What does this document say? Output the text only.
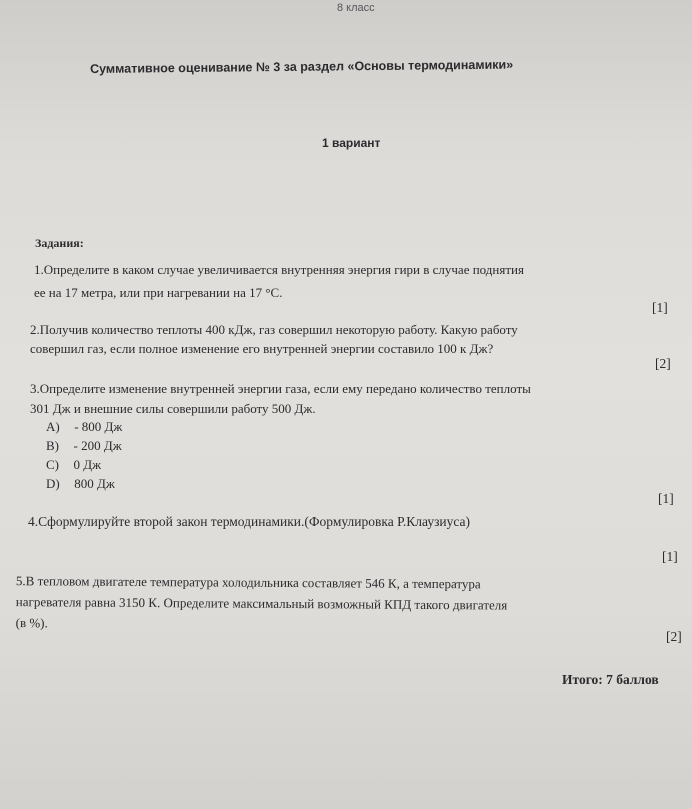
8 класс
Суммативное оценивание № 3 за раздел «Основы термодинамики»
1 вариант
Задания:
1.Определите в каком случае увеличивается внутренняя энергия гири в случае поднятия
ее на 17 метра, или при нагревании на 17 °С.
[1]
2.Получив количество теплоты 400 кДж, газ совершил некоторую работу. Какую работу
совершил газ, если полное изменение его внутренней энергии составило 100 к Дж?
[2]
3.Определите изменение внутренней энергии газа, если ему передано количество теплоты
301 Дж и внешние силы совершили работу 500 Дж.
A) - 800 Дж
B) - 200 Дж
C) 0 Дж
D) 800 Дж
[1]
4.Сформулируйте второй закон термодинамики.(Формулировка Р.Клаузиуса)
[1]
5.В тепловом двигателе температура холодильника составляет 546 К, а температура
нагревателя равна 3150 К. Определите максимальный возможный КПД такого двигателя
(в %).
[2]
Итого: 7 баллов
